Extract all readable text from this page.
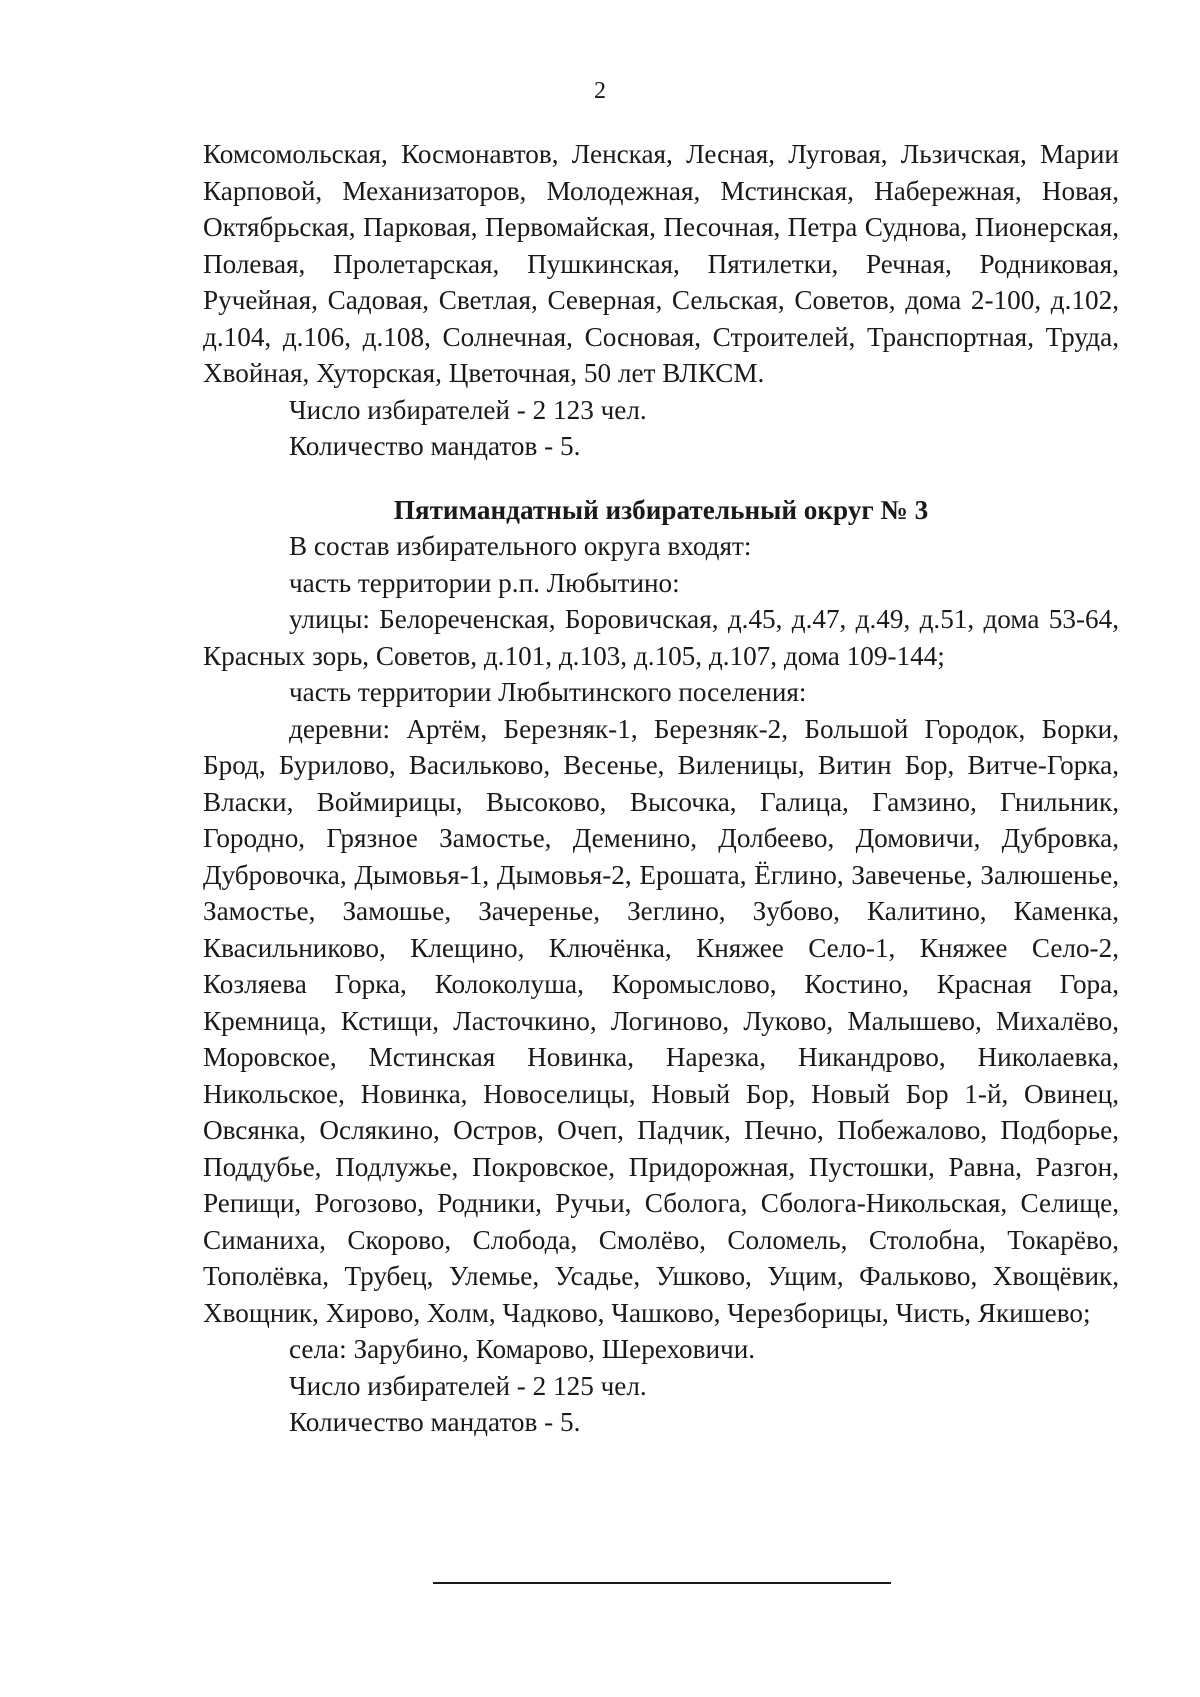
2

Комсомольская, Космонавтов, Ленская, Лесная, Луговая, Льзичская, Марии Карповой, Механизаторов, Молодежная, Мстинская, Набережная, Новая, Октябрьская, Парковая, Первомайская, Песочная, Петра Суднова, Пионерская, Полевая, Пролетарская, Пушкинская, Пятилетки, Речная, Родниковая, Ручейная, Садовая, Светлая, Северная, Сельская, Советов, дома 2-100, д.102, д.104, д.106, д.108, Солнечная, Сосновая, Строителей, Транспортная, Труда, Хвойная, Хуторская, Цветочная, 50 лет ВЛКСМ.

Число избирателей - 2 123 чел.

Количество мандатов - 5.

Пятимандатный избирательный округ № 3

В состав избирательного округа входят:

часть территории р.п. Любытино:

улицы: Белореченская, Боровичская, д.45, д.47, д.49, д.51, дома 53-64, Красных зорь, Советов, д.101, д.103, д.105, д.107, дома 109-144;

часть территории Любытинского поселения:

деревни: Артём, Березняк-1, Березняк-2, Большой Городок, Борки, Брод, Бурилово, Васильково, Весенье, Виленицы, Витин Бор, Витче-Горка, Власки, Воймирицы, Высоково, Высочка, Галица, Гамзино, Гнильник, Городно, Грязное Замостье, Деменино, Долбеево, Домовичи, Дубровка, Дубровочка, Дымовья-1, Дымовья-2, Ерошата, Ёглино, Завеченье, Залюшенье, Замостье, Замошье, Зачеренье, Зеглино, Зубово, Калитино, Каменка, Квасильниково, Клещино, Ключёнка, Княжее Село-1, Княжее Село-2, Козляева Горка, Колоколуша, Коромыслово, Костино, Красная Гора, Кремница, Кстищи, Ласточкино, Логиново, Луково, Малышево, Михалёво, Моровское, Мстинская Новинка, Нарезка, Никандрово, Николаевка, Никольское, Новинка, Новоселицы, Новый Бор, Новый Бор 1-й, Овинец, Овсянка, Ослякино, Остров, Очеп, Падчик, Печно, Побежалово, Подборье, Поддубье, Подлужье, Покровское, Придорожная, Пустошки, Равна, Разгон, Репищи, Рогозово, Родники, Ручьи, Сболога, Сболога-Никольская, Селище, Симаниха, Скорово, Слобода, Смолёво, Соломель, Столобна, Токарёво, Тополёвка, Трубец, Улемье, Усадье, Ушково, Ущим, Фальково, Хвощёвик, Хвощник, Хирово, Холм, Чадково, Чашково, Черезборицы, Чисть, Якишево;

села: Зарубино, Комарово, Шереховичи.

Число избирателей - 2 125 чел.

Количество мандатов - 5.
